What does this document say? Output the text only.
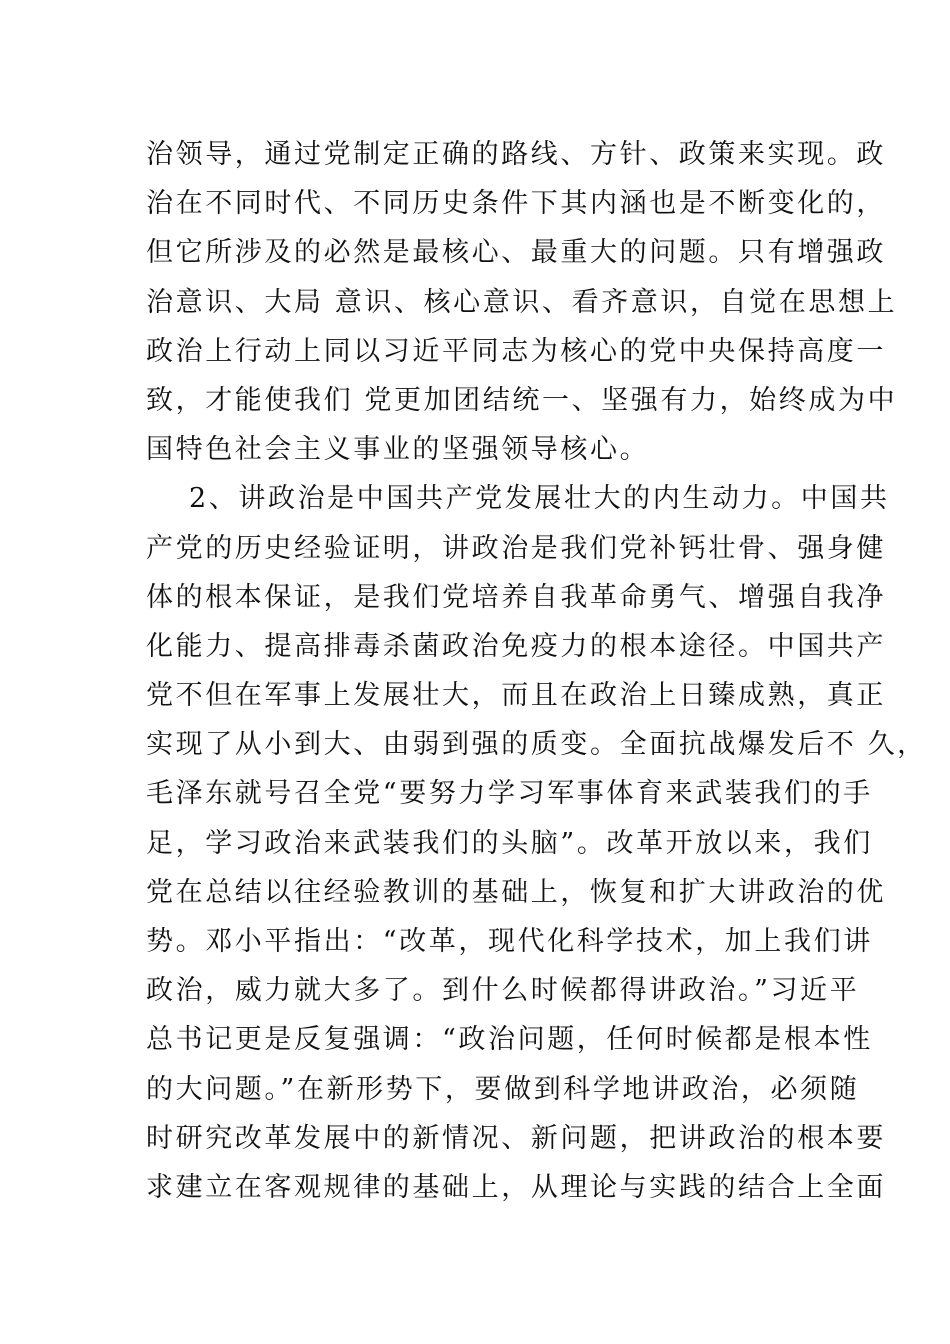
治领导，通过党制定正确的路线、方针、政策来实现。政
治在不同时代、不同历史条件下其内涵也是不断变化的，
但它所涉及的必然是最核心、最重大的问题。只有增强政
治意识、大局 意识、核心意识、看齐意识，自觉在思想上
政治上行动上同以习近平同志为核心的党中央保持高度一
致，才能使我们 党更加团结统一、坚强有力，始终成为中
国特色社会主义事业的坚强领导核心。
2、讲政治是中国共产党发展壮大的内生动力。中国共
产党的历史经验证明，讲政治是我们党补钙壮骨、强身健
体的根本保证，是我们党培养自我革命勇气、增强自我净
化能力、提高排毒杀菌政治免疫力的根本途径。中国共产
党不但在军事上发展壮大，而且在政治上日臻成熟，真正
实现了从小到大、由弱到强的质变。全面抗战爆发后不 久，
毛泽东就号召全党“要努力学习军事体育来武装我们的手
足，学习政治来武装我们的头脑”。改革开放以来，我们
党在总结以往经验教训的基础上，恢复和扩大讲政治的优
势。邓小平指出：“改革，现代化科学技术，加上我们讲
政治，威力就大多了。到什么时候都得讲政治。”习近平
总书记更是反复强调：“政治问题，任何时候都是根本性
的大问题。”在新形势下，要做到科学地讲政治，必须随
时研究改革发展中的新情况、新问题，把讲政治的根本要
求建立在客观规律的基础上，从理论与实践的结合上全面
